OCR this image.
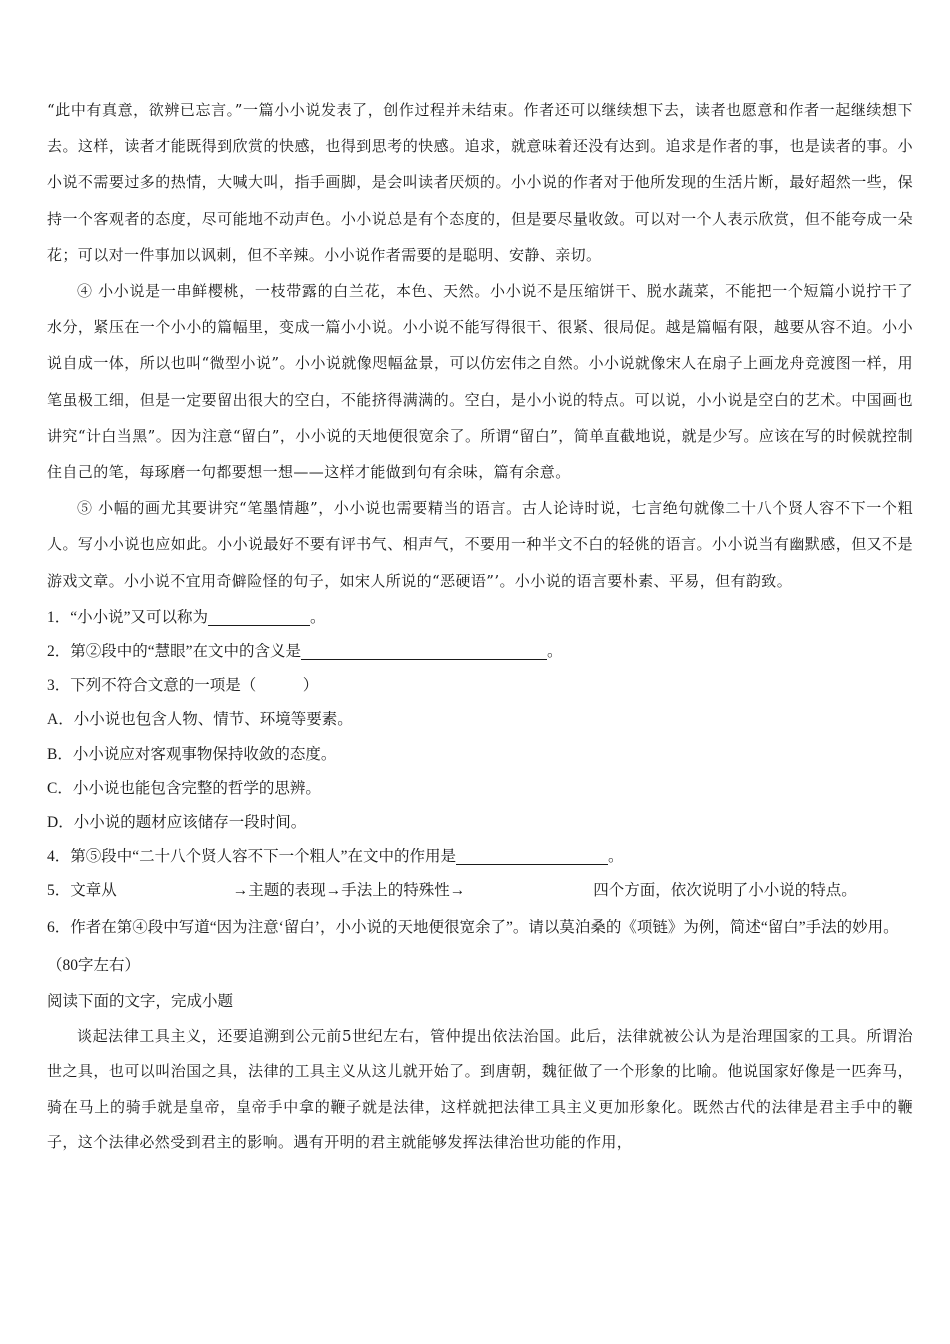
“此中有真意，欲辨已忘言。”一篇小小说发表了，创作过程并未结束。作者还可以继续想下去，读者也愿意和作者一起继续想下去。这样，读者才能既得到欣赏的快感，也得到思考的快感。追求，就意味着还没有达到。追求是作者的事，也是读者的事。小小说不需要过多的热情，大喊大叫，指手画脚，是会叫读者厌烦的。小小说的作者对于他所发现的生活片断，最好超然一些，保持一个客观者的态度，尽可能地不动声色。小小说总是有个态度的，但是要尽量收敛。可以对一个人表示欣赏，但不能夸成一朵花；可以对一件事加以讽刺，但不辛辣。小小说作者需要的是聪明、安静、亲切。

④ 小小说是一串鲜樱桃，一枝带露的白兰花，本色、天然。小小说不是压缩饼干、脱水蔬菜，不能把一个短篇小说拧干了水分，紧压在一个小小的篇幅里，变成一篇小小说。小小说不能写得很干、很紧、很局促。越是篇幅有限，越要从容不迫。小小说自成一体，所以也叫“微型小说”。小小说就像咫幅盆景，可以仿宏伟之自然。小小说就像宋人在扇子上画龙舟竞渡图一样，用笔虽极工细，但是一定要留出很大的空白，不能挤得满满的。空白，是小小说的特点。可以说，小小说是空白的艺术。中国画也讲究“计白当黑”。因为注意“留白”，小小说的天地便很宽余了。所谓“留白”，简单直截地说，就是少写。应该在写的时候就控制住自己的笔，每琢磨一句都要想一想——这样才能做到句有余味，篇有余意。

⑤ 小幅的画尤其要讲究“笔墨情趣”，小小说也需要精当的语言。古人论诗时说，七言绝句就像二十八个贤人容不下一个粗人。写小小说也应如此。小小说最好不要有评书气、相声气，不要用一种半文不白的轻佻的语言。小小说当有幽默感，但又不是游戏文章。小小说不宜用奇僻险怪的句子，如宋人所说的“恶硬语”’。小小说的语言要朴素、平易，但有韵致。

1．“小小说”又可以称为	。

2．第②段中的“慧眼”在文中的含义是	。

3．下列不符合文意的一项是（　　　）

A．小小说也包含人物、情节、环境等要素。

B．小小说应对客观事物保持收敛的态度。

C．小小说也能包含完整的哲学的思辨。

D．小小说的题材应该储存一段时间。

4．第⑤段中“二十八个贤人容不下一个粗人”在文中的作用是	。

5．文章从	→主题的表现→手法上的特殊性→	四个方面，依次说明了小小说的特点。

6．作者在第④段中写道“因为注意‘留白’，小小说的天地便很宽余了”。请以莫泊桑的《项链》为例，简述“留白”手法的妙用。（80字左右）

阅读下面的文字，完成小题

谈起法律工具主义，还要追溯到公元前5世纪左右，管仲提出依法治国。此后，法律就被公认为是治理国家的工具。所谓治世之具，也可以叫治国之具，法律的工具主义从这儿就开始了。到唐朝，魏征做了一个形象的比喻。他说国家好像是一匹奔马，骑在马上的骑手就是皇帝，皇帝手中拿的鞭子就是法律，这样就把法律工具主义更加形象化。既然古代的法律是君主手中的鞭子，这个法律必然受到君主的影响。遇有开明的君主就能够发挥法律治世功能的作用，
